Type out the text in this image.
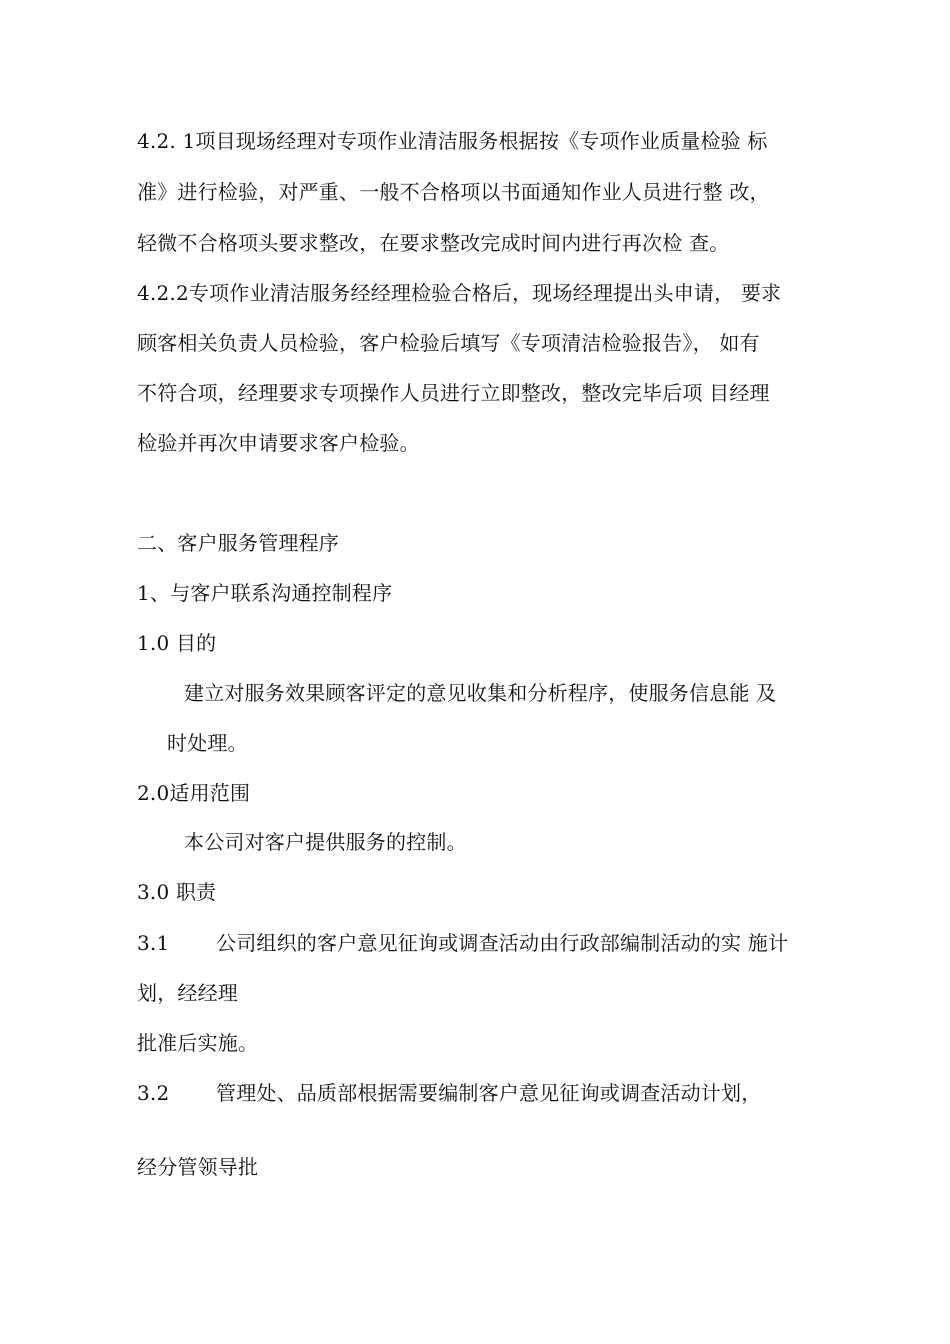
4.2. 1项目现场经理对专项作业清洁服务根据按《专项作业质量检验 标
准》进行检验，对严重、一般不合格项以书面通知作业人员进行整 改，
轻微不合格项头要求整改，在要求整改完成时间内进行再次检 查。
4.2.2专项作业清洁服务经经理检验合格后，现场经理提出头申请， 要求
顾客相关负责人员检验，客户检验后填写《专项清洁检验报告》， 如有
不符合项，经理要求专项操作人员进行立即整改，整改完毕后项 目经理
检验并再次申请要求客户检验。
二、客户服务管理程序
1、与客户联系沟通控制程序
1.0 目的
建立对服务效果顾客评定的意见收集和分析程序，使服务信息能 及
时处理。
2.0适用范围
本公司对客户提供服务的控制。
3.0 职责
3.1 公司组织的客户意见征询或调查活动由行政部编制活动的实 施计
划，经经理
批准后实施。
3.2 管理处、品质部根据需要编制客户意见征询或调查活动计划，
经分管领导批
